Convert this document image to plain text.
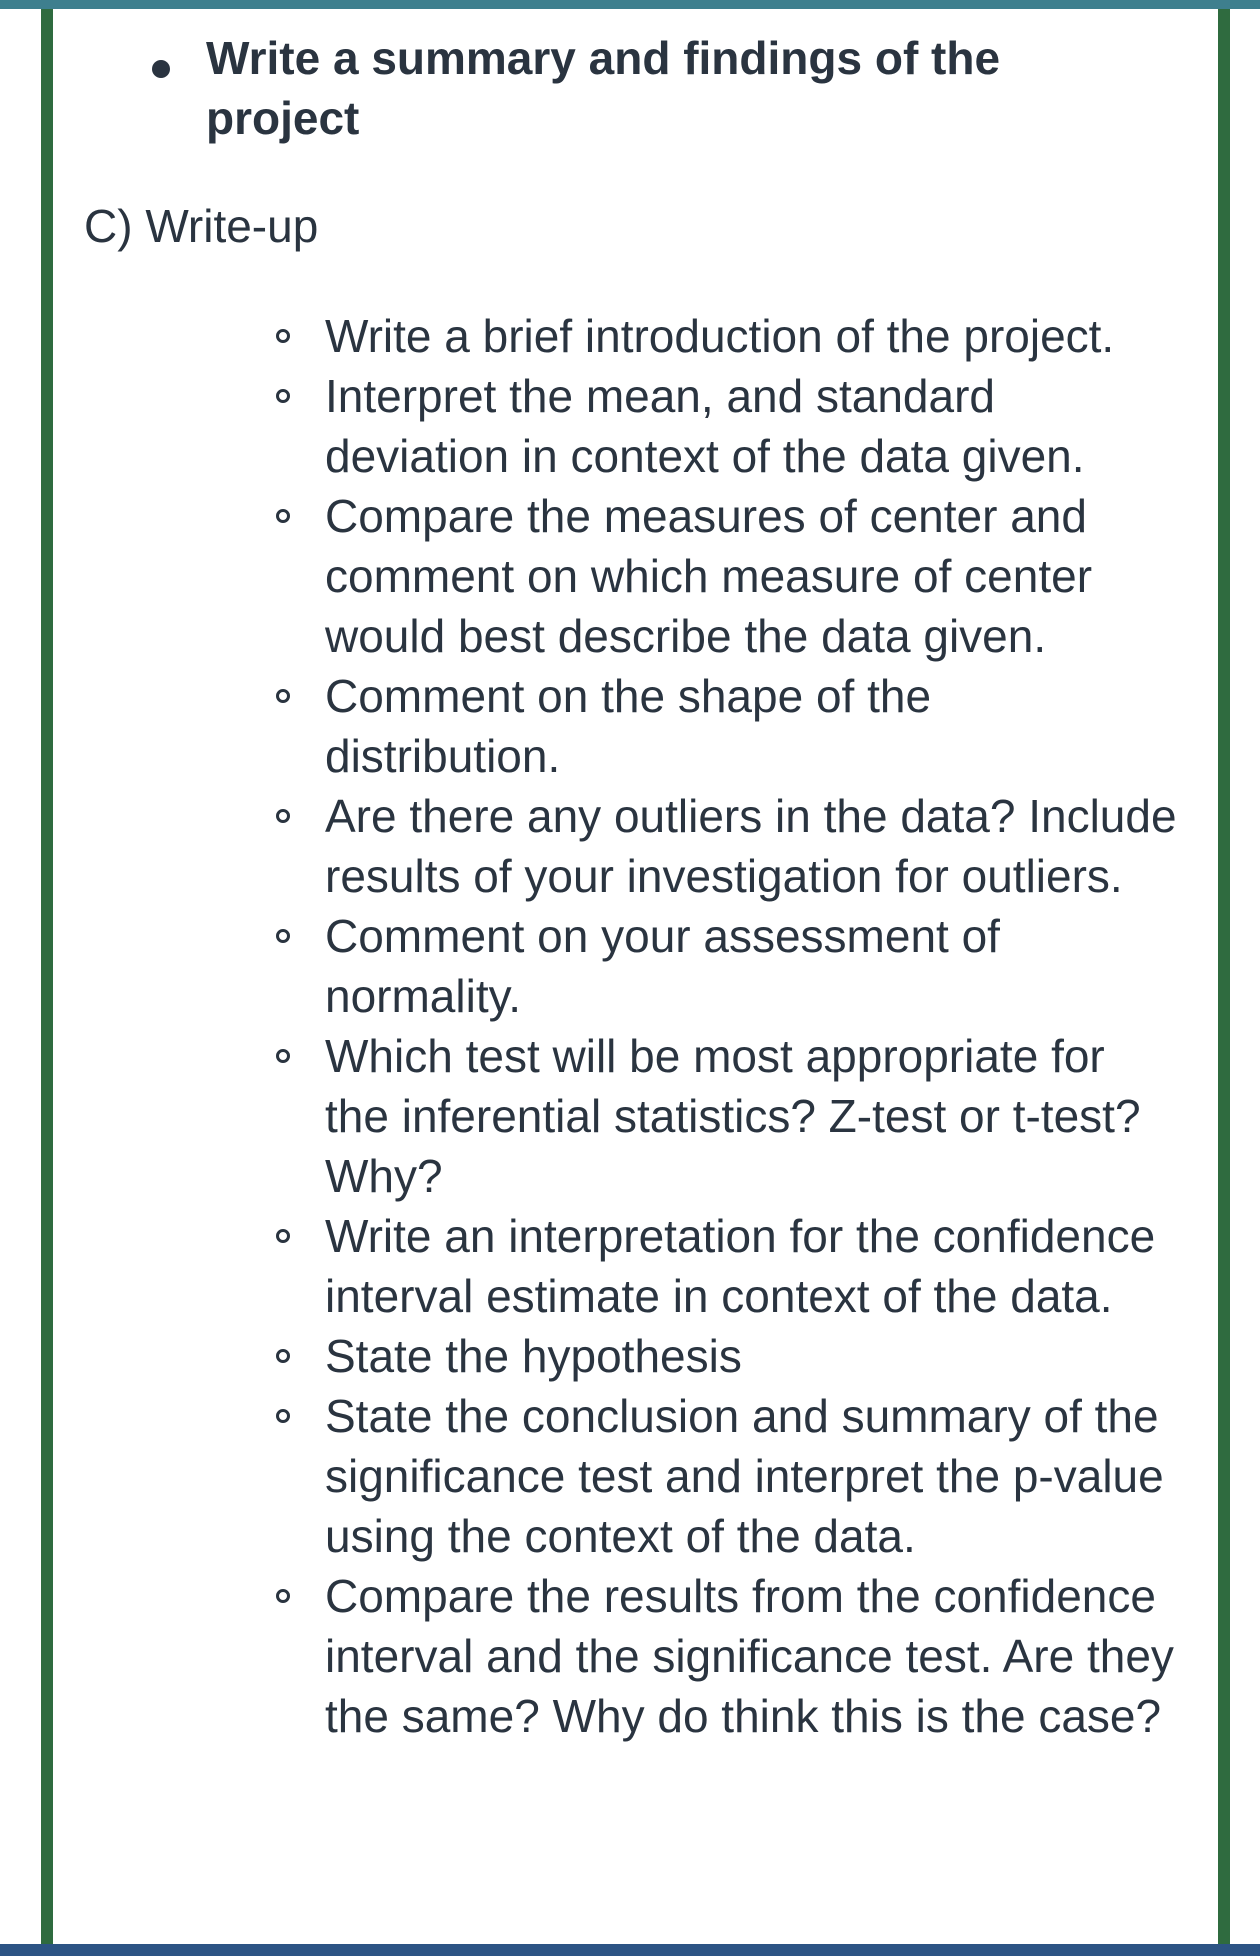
Write a summary and findings of the project
C) Write-up
Write a brief introduction of the project.
Interpret the mean, and standard deviation in context of the data given.
Compare the measures of center and comment on which measure of center would best describe the data given.
Comment on the shape of the distribution.
Are there any outliers in the data? Include results of your investigation for outliers.
Comment on your assessment of normality.
Which test will be most appropriate for the inferential statistics? Z-test or t-test? Why?
Write an interpretation for the confidence interval estimate in context of the data.
State the hypothesis
State the conclusion and summary of the significance test and interpret the p-value using the context of the data.
Compare the results from the confidence interval and the significance test. Are they the same? Why do think this is the case?
